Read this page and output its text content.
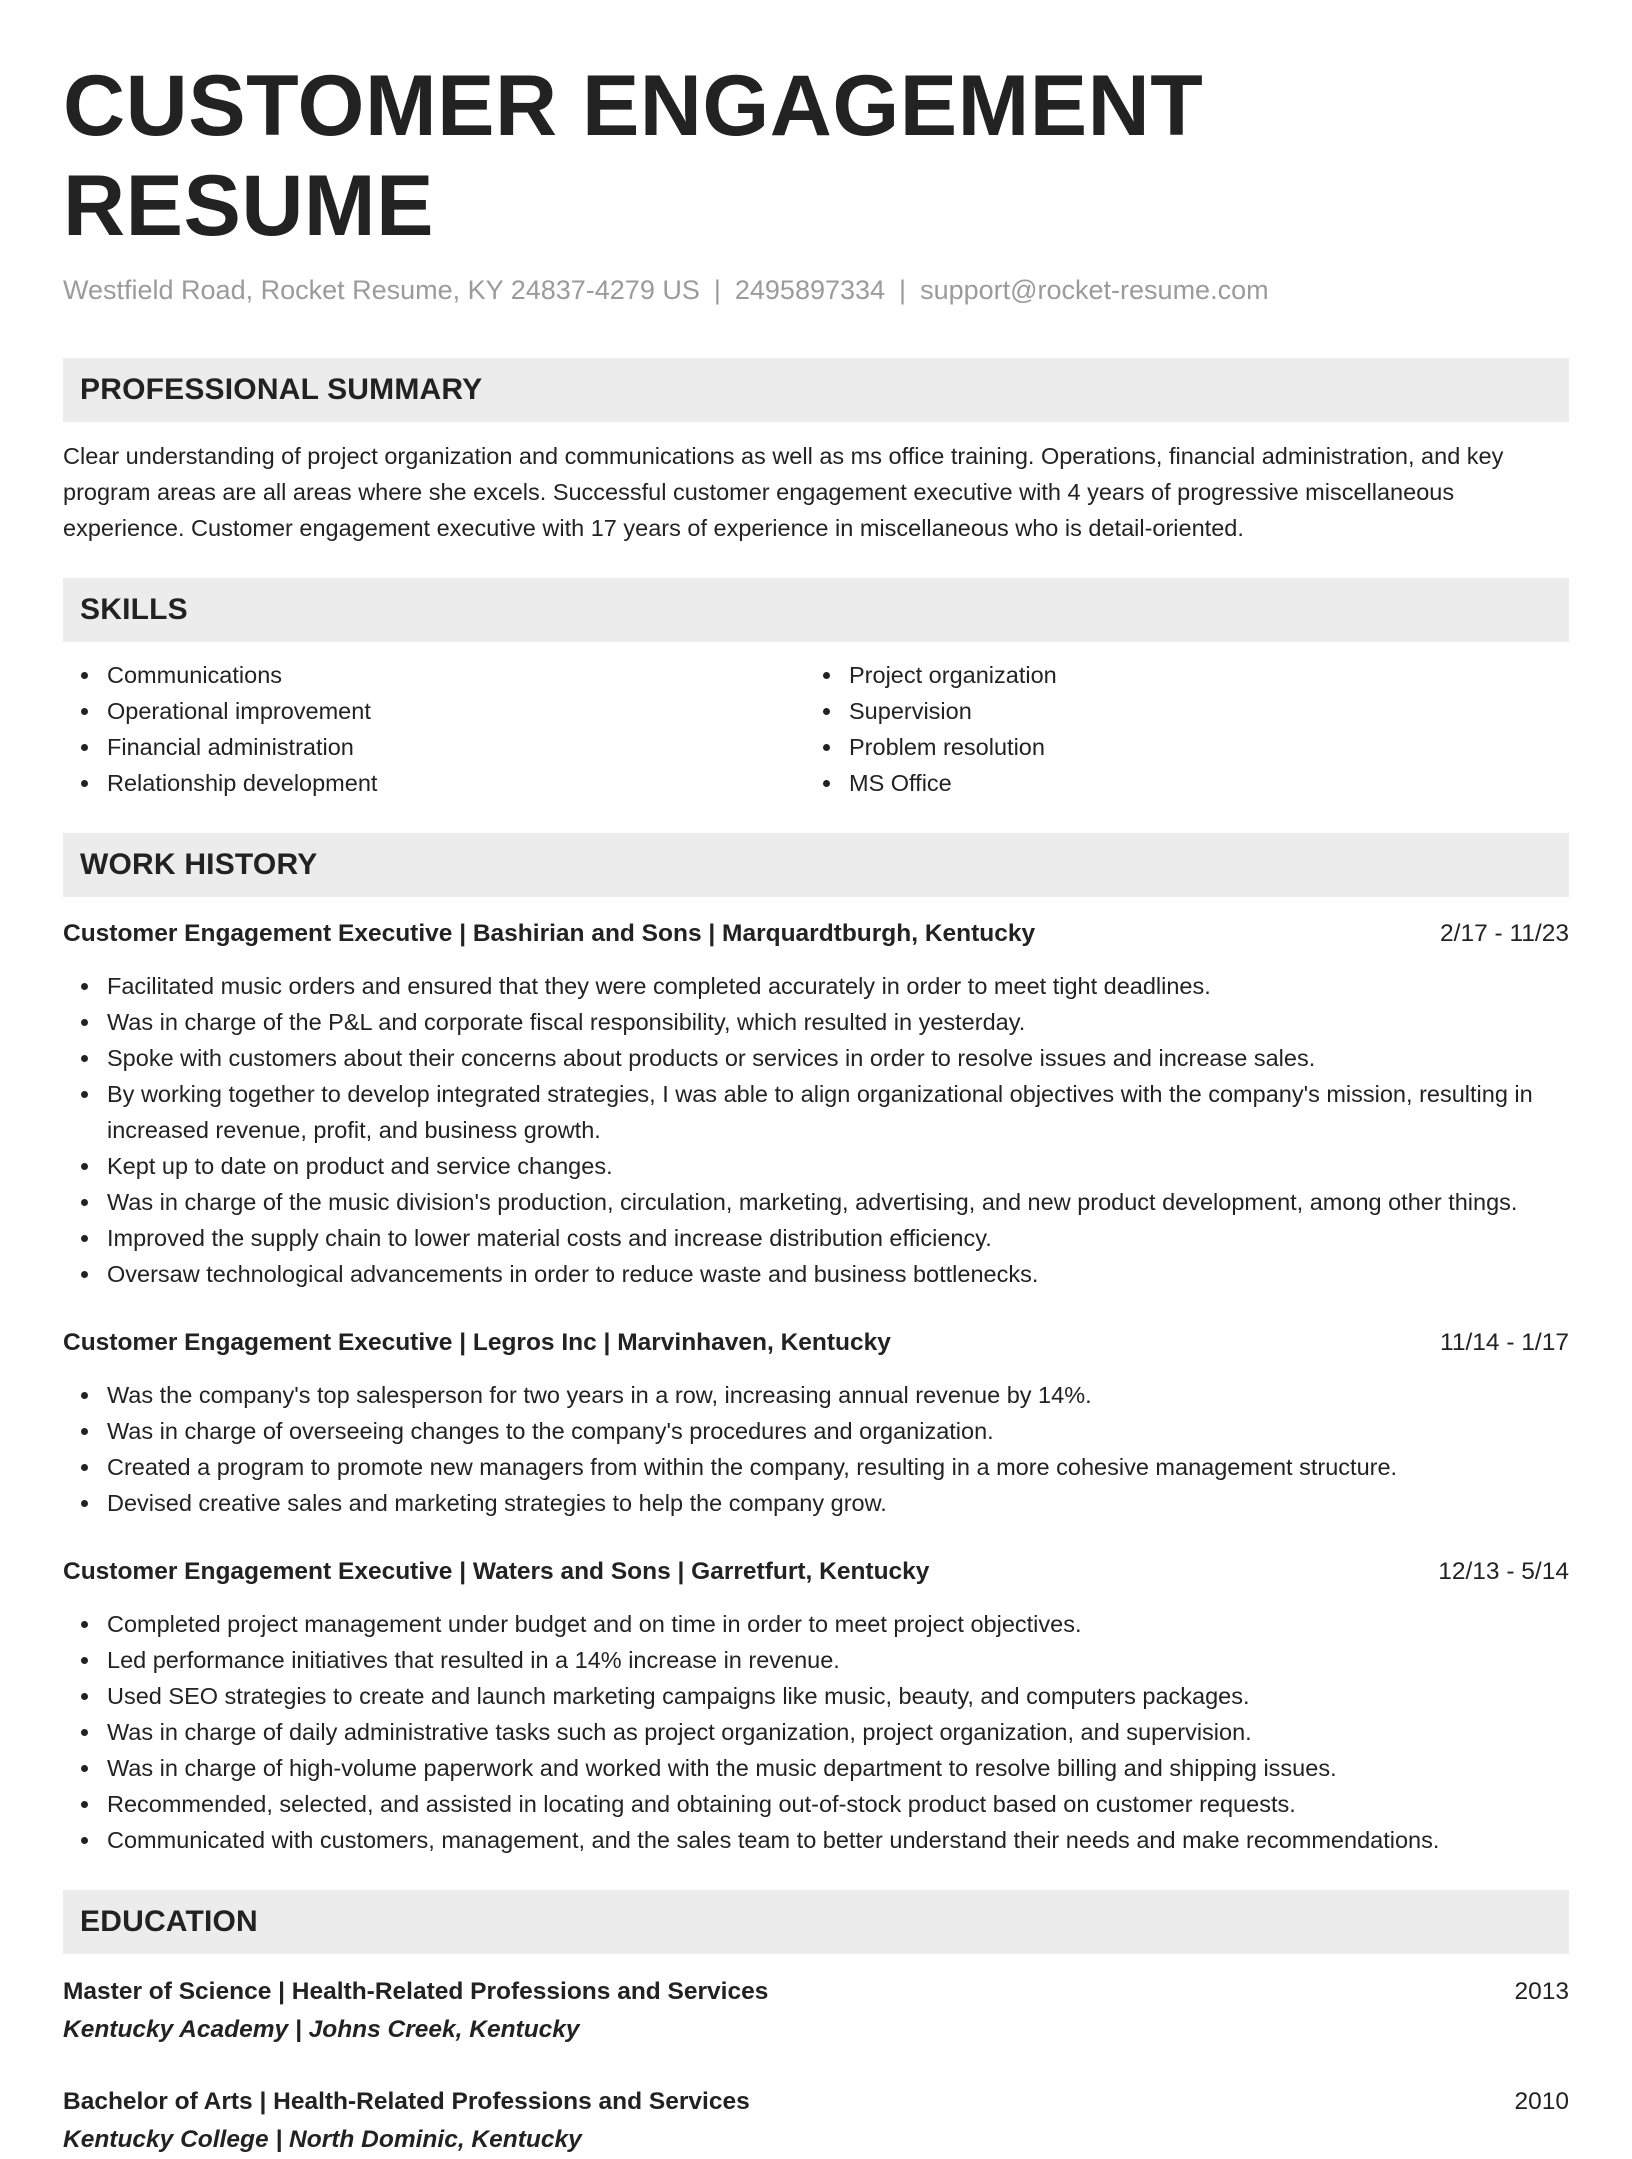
CUSTOMER ENGAGEMENT RESUME
Westfield Road, Rocket Resume, KY 24837-4279 US | 2495897334 | support@rocket-resume.com
PROFESSIONAL SUMMARY
Clear understanding of project organization and communications as well as ms office training. Operations, financial administration, and key program areas are all areas where she excels. Successful customer engagement executive with 4 years of progressive miscellaneous experience. Customer engagement executive with 17 years of experience in miscellaneous who is detail-oriented.
SKILLS
Communications
Operational improvement
Financial administration
Relationship development
Project organization
Supervision
Problem resolution
MS Office
WORK HISTORY
Customer Engagement Executive | Bashirian and Sons | Marquardtburgh, Kentucky	2/17 - 11/23
Facilitated music orders and ensured that they were completed accurately in order to meet tight deadlines.
Was in charge of the P&L and corporate fiscal responsibility, which resulted in yesterday.
Spoke with customers about their concerns about products or services in order to resolve issues and increase sales.
By working together to develop integrated strategies, I was able to align organizational objectives with the company's mission, resulting in increased revenue, profit, and business growth.
Kept up to date on product and service changes.
Was in charge of the music division's production, circulation, marketing, advertising, and new product development, among other things.
Improved the supply chain to lower material costs and increase distribution efficiency.
Oversaw technological advancements in order to reduce waste and business bottlenecks.
Customer Engagement Executive | Legros Inc | Marvinhaven, Kentucky	11/14 - 1/17
Was the company's top salesperson for two years in a row, increasing annual revenue by 14%.
Was in charge of overseeing changes to the company's procedures and organization.
Created a program to promote new managers from within the company, resulting in a more cohesive management structure.
Devised creative sales and marketing strategies to help the company grow.
Customer Engagement Executive | Waters and Sons | Garretfurt, Kentucky	12/13 - 5/14
Completed project management under budget and on time in order to meet project objectives.
Led performance initiatives that resulted in a 14% increase in revenue.
Used SEO strategies to create and launch marketing campaigns like music, beauty, and computers packages.
Was in charge of daily administrative tasks such as project organization, project organization, and supervision.
Was in charge of high-volume paperwork and worked with the music department to resolve billing and shipping issues.
Recommended, selected, and assisted in locating and obtaining out-of-stock product based on customer requests.
Communicated with customers, management, and the sales team to better understand their needs and make recommendations.
EDUCATION
Master of Science | Health-Related Professions and Services	2013
Kentucky Academy | Johns Creek, Kentucky
Bachelor of Arts | Health-Related Professions and Services	2010
Kentucky College | North Dominic, Kentucky
